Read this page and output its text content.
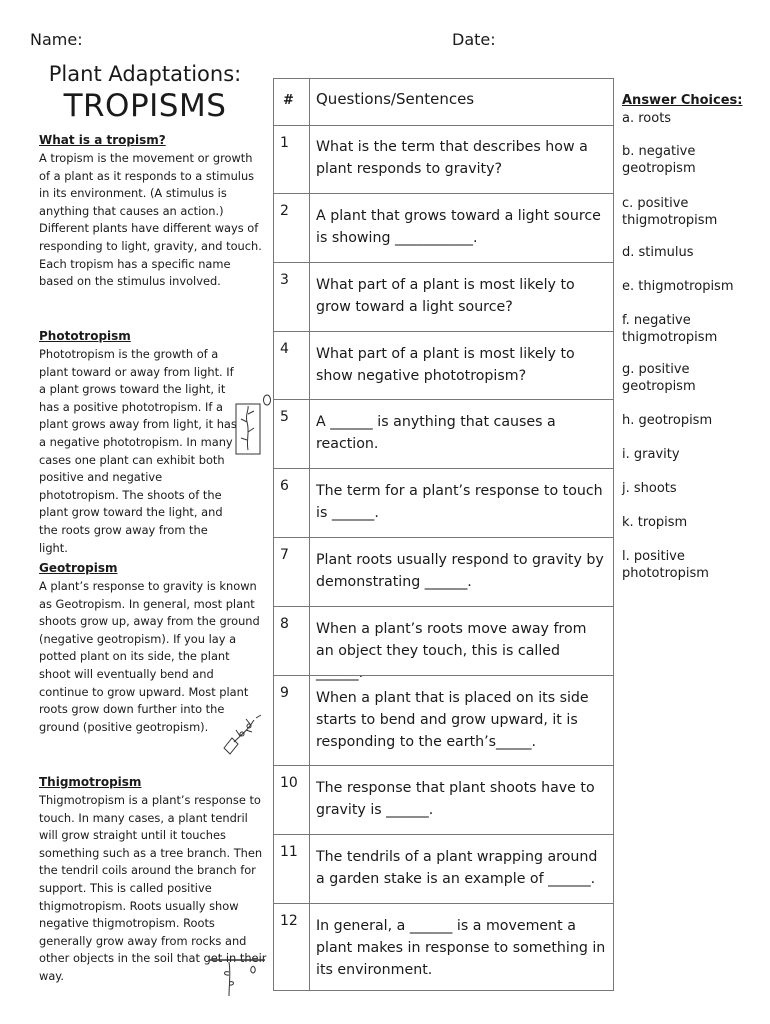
Name:	Date:
Plant Adaptations:
TROPISMS
What is a tropism?

A tropism is the movement or growth of a plant as it responds to a stimulus in its environment. (A stimulus is anything that causes an action.) Different plants have different ways of responding to light, gravity, and touch. Each tropism has a specific name based on the stimulus involved.

Phototropism

Phototropism is the growth of a plant toward or away from light. If a plant grows toward the light, it has a positive phototropism. If a plant grows away from light, it has a negative phototropism. In many cases one plant can exhibit both positive and negative phototropism. The shoots of the plant grow toward the light, and the roots grow away from the light.

Geotropism

A plant’s response to gravity is known as Geotropism. In general, most plant shoots grow up, away from the ground (negative geotropism). If you lay a potted plant on its side, the plant shoot will eventually bend and continue to grow upward. Most plant roots grow down further into the ground (positive geotropism).

Thigmotropism

Thigmotropism is a plant’s response to touch. In many cases, a plant tendril will grow straight until it touches something such as a tree branch. Then the tendril coils around the branch for support. This is called positive thigmotropism. Roots usually show negative thigmotropism. Roots generally grow away from rocks and other objects in the soil that get in their way.

# Questions/Sentences
1 What is the term that describes how a plant responds to gravity?
2 A plant that grows toward a light source is showing ___________.
3 What part of a plant is most likely to grow toward a light source?
4 What part of a plant is most likely to show negative phototropism?
5 A ______ is anything that causes a reaction.
6 The term for a plant’s response to touch is ______.
7 Plant roots usually respond to gravity by demonstrating ______.
8 When a plant’s roots move away from an object they touch, this is called ______.
9 When a plant that is placed on its side starts to bend and grow upward, it is responding to the earth’s_____.
10 The response that plant shoots have to gravity is ______.
11 The tendrils of a plant wrapping around a garden stake is an example of ______.
12 In general, a ______ is a movement a plant makes in response to something in its environment.
Answer Choices:
a. roots
b. negative geotropism
c. positive thigmotropism
d. stimulus
e. thigmotropism
f. negative thigmotropism
g. positive geotropism
h. geotropism
i. gravity
j. shoots
k. tropism
l. positive phototropism
